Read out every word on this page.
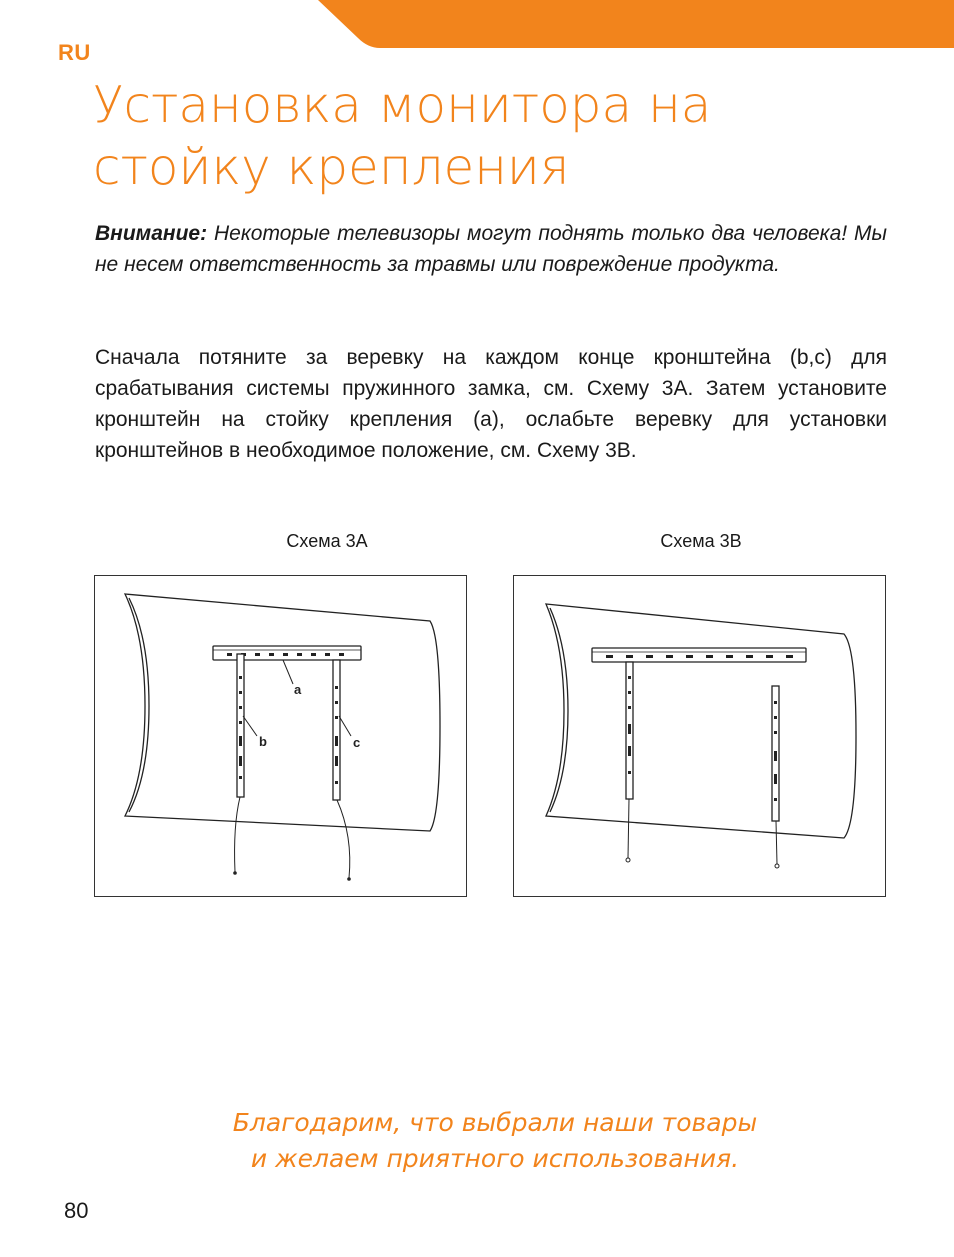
RU
Установка монитора на
стойку крепления

Внимание: Некоторые телевизоры могут поднять только два человека! Мы не несем ответственность за травмы или повреждение продукта.

Сначала потяните за веревку на каждом конце кронштейна (b,c) для срабатывания системы пружинного замка, см. Схему 3A. Затем установите кронштейн на стойку крепления (a), ослабьте веревку для установки кронштейнов в необходимое положение, см. Схему 3B.

Схема 3A	Схема 3B
a
b	c

Благодарим, что выбрали наши товары
и желаем приятного использования.

80
